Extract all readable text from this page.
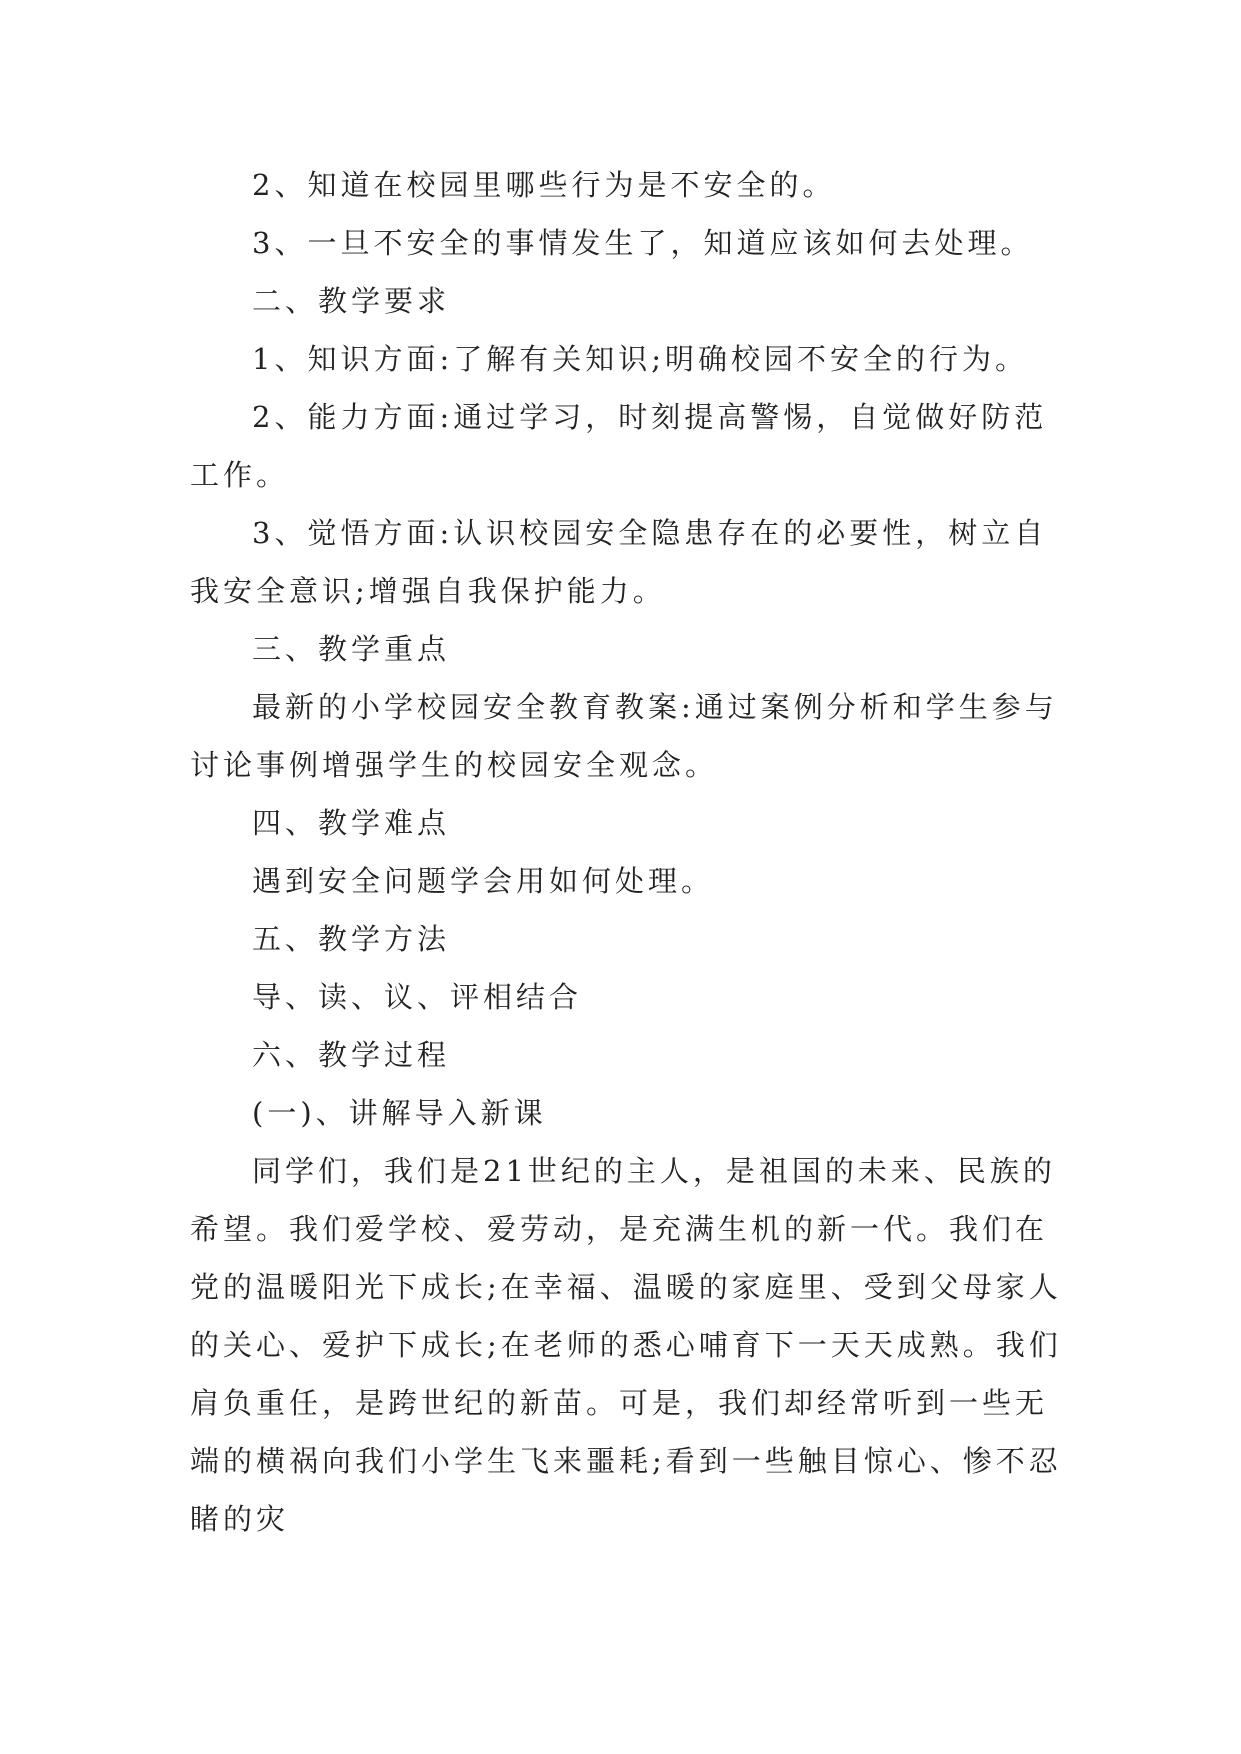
2、知道在校园里哪些行为是不安全的。

3、一旦不安全的事情发生了，知道应该如何去处理。

二、教学要求

1、知识方面:了解有关知识;明确校园不安全的行为。

2、能力方面:通过学习，时刻提高警惕，自觉做好防范工作。

3、觉悟方面:认识校园安全隐患存在的必要性，树立自我安全意识;增强自我保护能力。

三、教学重点

最新的小学校园安全教育教案:通过案例分析和学生参与讨论事例增强学生的校园安全观念。

四、教学难点

遇到安全问题学会用如何处理。

五、教学方法

导、读、议、评相结合

六、教学过程

(一)、讲解导入新课

同学们，我们是21世纪的主人，是祖国的未来、民族的希望。我们爱学校、爱劳动，是充满生机的新一代。我们在党的温暖阳光下成长;在幸福、温暖的家庭里、受到父母家人的关心、爱护下成长;在老师的悉心哺育下一天天成熟。我们肩负重任，是跨世纪的新苗。可是，我们却经常听到一些无端的横祸向我们小学生飞来噩耗;看到一些触目惊心、惨不忍睹的灾
